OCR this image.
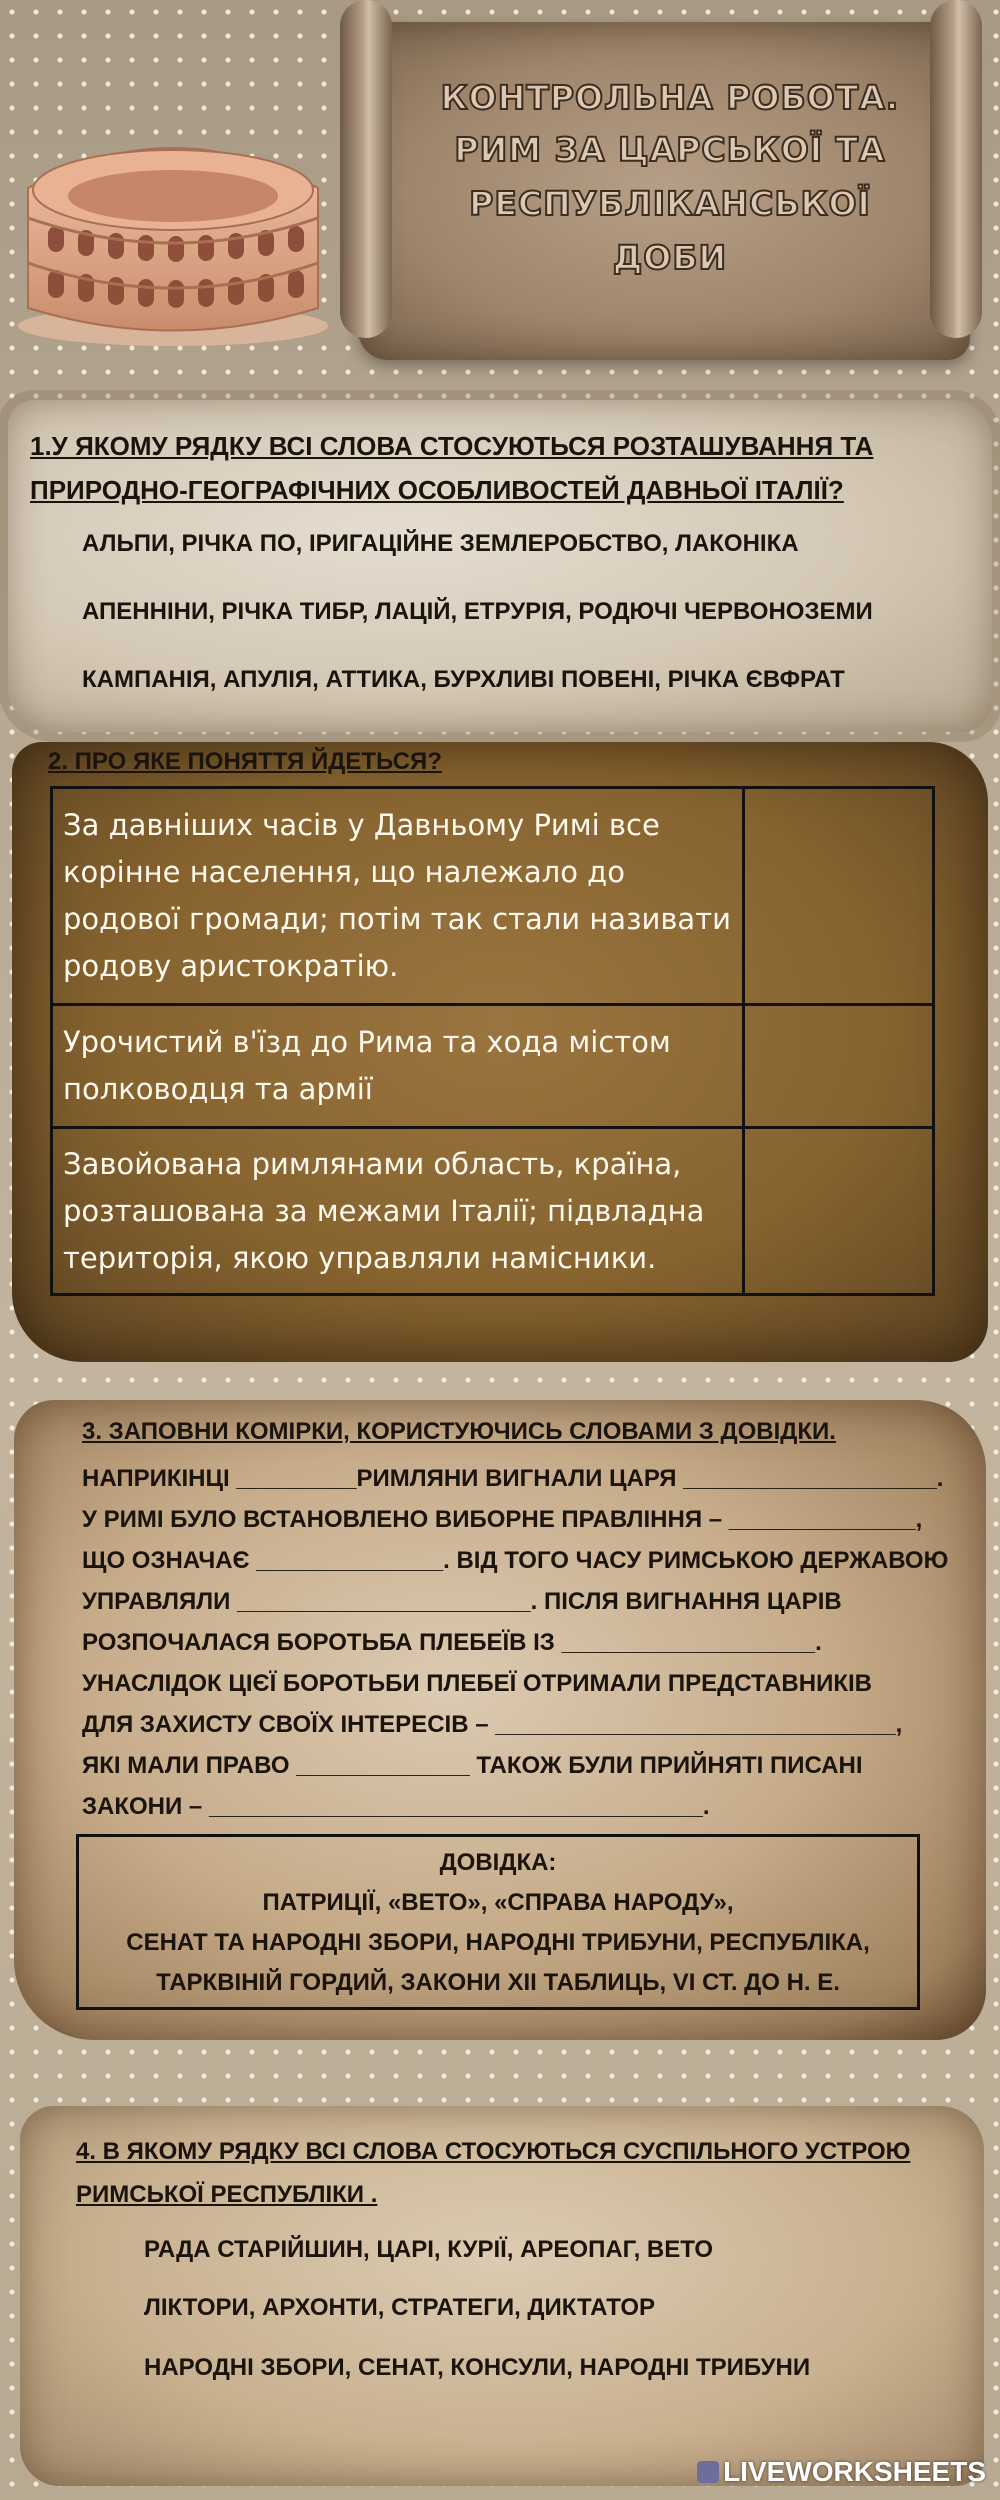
КОНТРОЛЬНА РОБОТА.
РИМ ЗА ЦАРСЬКОЇ ТА
РЕСПУБЛІКАНСЬКОЇ
ДОБИ
1.У ЯКОМУ РЯДКУ ВСІ СЛОВА СТОСУЮТЬСЯ РОЗТАШУВАННЯ ТА ПРИРОДНО-ГЕОГРАФІЧНИХ ОСОБЛИВОСТЕЙ ДАВНЬОЇ ІТАЛІЇ?
АЛЬПИ, РІЧКА ПО, ІРИГАЦІЙНЕ ЗЕМЛЕРОБСТВО, ЛАКОНІКА
АПЕННІНИ, РІЧКА ТИБР, ЛАЦІЙ, ЕТРУРІЯ, РОДЮЧІ ЧЕРВОНОЗЕМИ
КАМПАНІЯ, АПУЛІЯ, АТТИКА, БУРХЛИВІ ПОВЕНІ, РІЧКА ЄВФРАТ
2. ПРО ЯКЕ ПОНЯТТЯ ЙДЕТЬСЯ?
За давніших часів у Давньому Римі все корінне населення, що належало до родової громади; потім так стали називати родову аристократію.	
Урочистий в'їзд до Рима та хода містом полководця та армії	
Завойована римлянами область, країна, розташована за межами Італії; підвладна територія, якою управляли намісники.	
3. ЗАПОВНИ КОМІРКИ, КОРИСТУЮЧИСЬ СЛОВАМИ З ДОВІДКИ.
НАПРИКІНЦІ _________РИМЛЯНИ ВИГНАЛИ ЦАРЯ ___________________.
У РИМІ БУЛО ВСТАНОВЛЕНО ВИБОРНЕ ПРАВЛІННЯ – ______________,
ЩО ОЗНАЧАЄ ______________. ВІД ТОГО ЧАСУ РИМСЬКОЮ ДЕРЖАВОЮ
УПРАВЛЯЛИ ______________________. ПІСЛЯ ВИГНАННЯ ЦАРІВ
РОЗПОЧАЛАСЯ БОРОТЬБА ПЛЕБЕЇВ ІЗ ___________________.
УНАСЛІДОК ЦІЄЇ БОРОТЬБИ ПЛЕБЕЇ ОТРИМАЛИ ПРЕДСТАВНИКІВ
ДЛЯ ЗАХИСТУ СВОЇХ ІНТЕРЕСІВ – ______________________________,
ЯКІ МАЛИ ПРАВО _____________ ТАКОЖ БУЛИ ПРИЙНЯТІ ПИСАНІ
ЗАКОНИ – _____________________________________.
ДОВІДКА:
ПАТРИЦІЇ, «ВЕТО», «СПРАВА НАРОДУ»,
СЕНАТ ТА НАРОДНІ ЗБОРИ, НАРОДНІ ТРИБУНИ, РЕСПУБЛІКА,
ТАРКВІНІЙ ГОРДИЙ, ЗАКОНИ XII ТАБЛИЦЬ, VI СТ. ДО Н. Е.
4. В ЯКОМУ РЯДКУ ВСІ СЛОВА СТОСУЮТЬСЯ СУСПІЛЬНОГО УСТРОЮ РИМСЬКОЇ РЕСПУБЛІКИ .
РАДА СТАРІЙШИН, ЦАРІ, КУРІЇ, АРЕОПАГ, ВЕТО
ЛІКТОРИ, АРХОНТИ, СТРАТЕГИ, ДИКТАТОР
НАРОДНІ ЗБОРИ, СЕНАТ, КОНСУЛИ, НАРОДНІ ТРИБУНИ
LIVEWORKSHEETS
